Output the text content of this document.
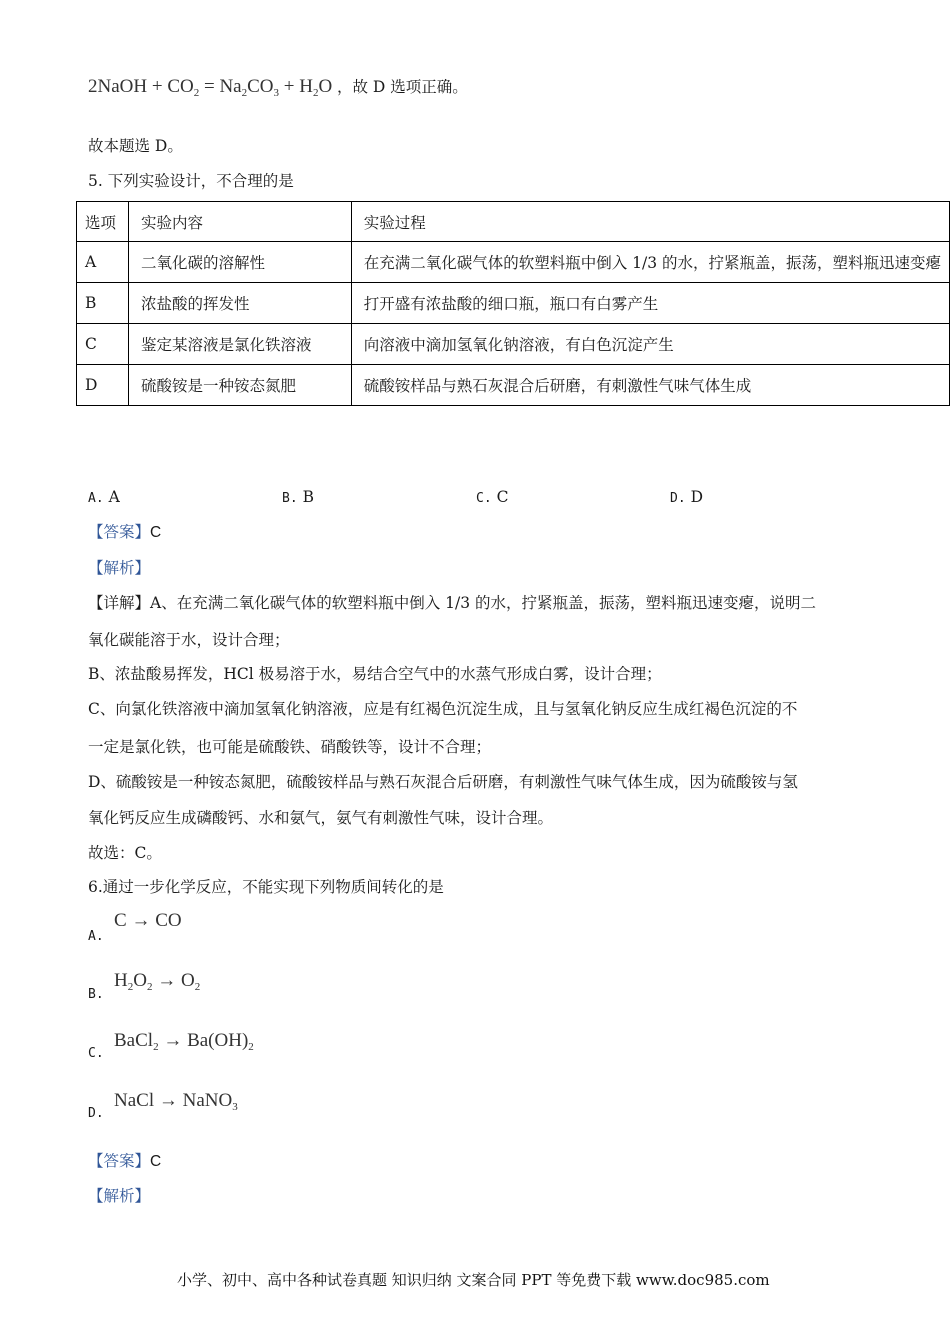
2NaOH + $CO_2 = Na_2CO_3 + H_2O$ ，故 D 选项正确。
故本题选 D。
5. 下列实验设计，不合理的是
选项	实验内容	实验过程
A	二氧化碳的溶解性	在充满二氧化碳气体的软塑料瓶中倒入 1/3 的水，拧紧瓶盖，振荡，塑料瓶迅速变瘪
B	浓盐酸的挥发性	打开盛有浓盐酸的细口瓶，瓶口有白雾产生
C	鉴定某溶液是氯化铁溶液	向溶液中滴加氢氧化钠溶液，有白色沉淀产生
D	硫酸铵是一种铵态氮肥	硫酸铵样品与熟石灰混合后研磨，有刺激性气味气体生成
A. A	B. B	C. C	D. D
【答案】C
【解析】
【详解】A、在充满二氧化碳气体的软塑料瓶中倒入 1/3 的水，拧紧瓶盖，振荡，塑料瓶迅速变瘪，说明二
氧化碳能溶于水，设计合理；
B、浓盐酸易挥发，HCl 极易溶于水，易结合空气中的水蒸气形成白雾，设计合理；
C、向氯化铁溶液中滴加氢氧化钠溶液，应是有红褐色沉淀生成，且与氢氧化钠反应生成红褐色沉淀的不
一定是氯化铁，也可能是硫酸铁、硝酸铁等，设计不合理；
D、硫酸铵是一种铵态氮肥，硫酸铵样品与熟石灰混合后研磨，有刺激性气味气体生成，因为硫酸铵与氢
氧化钙反应生成磷酸钙、水和氨气，氨气有刺激性气味，设计合理。
故选：C。
6.通过一步化学反应，不能实现下列物质间转化的是
A.
C → CO
B.
$H_2O_2 \to O_2$
C.
BaCl$_2$ → $Ba(OH)_2$
D.
NaCl → NaNO$_3$
【答案】C
【解析】
小学、初中、高中各种试卷真题 知识归纳 文案合同 PPT 等免费下载 www.doc985.com
